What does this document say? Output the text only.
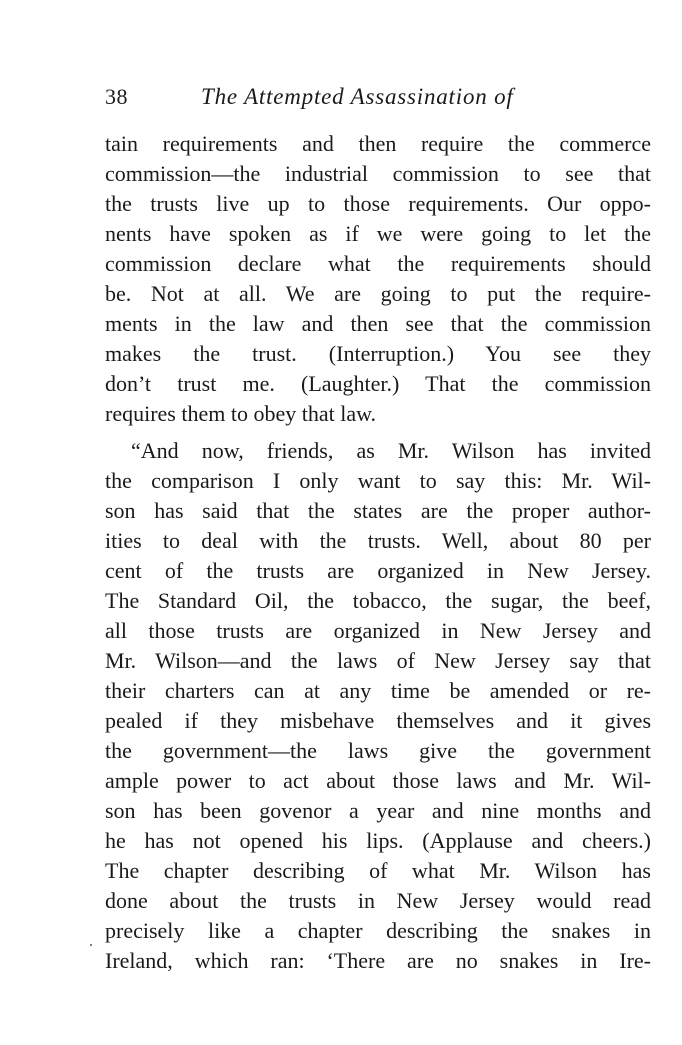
38	The Attempted Assassination of
tain requirements and then require the commerce
commission—the industrial commission to see that
the trusts live up to those requirements. Our oppo-
nents have spoken as if we were going to let the
commission declare what the requirements should
be. Not at all. We are going to put the require-
ments in the law and then see that the commission
makes the trust. (Interruption.) You see they
don’t trust me. (Laughter.) That the commission
requires them to obey that law.
“And now, friends, as Mr. Wilson has invited
the comparison I only want to say this: Mr. Wil-
son has said that the states are the proper author-
ities to deal with the trusts. Well, about 80 per
cent of the trusts are organized in New Jersey.
The Standard Oil, the tobacco, the sugar, the beef,
all those trusts are organized in New Jersey and
Mr. Wilson—and the laws of New Jersey say that
their charters can at any time be amended or re-
pealed if they misbehave themselves and it gives
the government—the laws give the government
ample power to act about those laws and Mr. Wil-
son has been govenor a year and nine months and
he has not opened his lips. (Applause and cheers.)
The chapter describing of what Mr. Wilson has
done about the trusts in New Jersey would read
precisely like a chapter describing the snakes in
Ireland, which ran: ‘There are no snakes in Ire-
